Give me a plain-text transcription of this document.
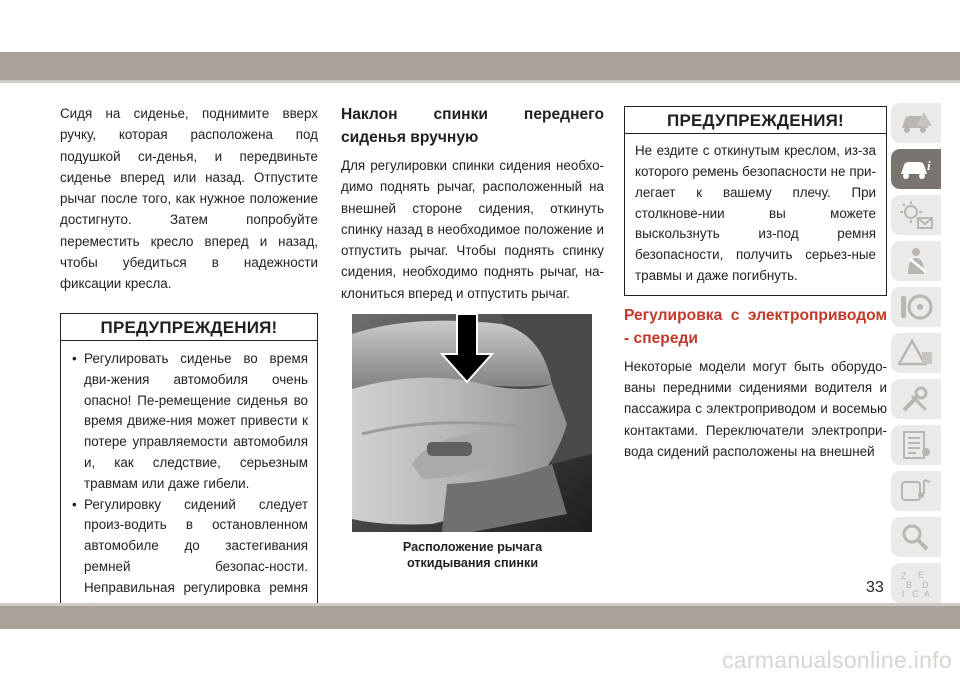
Сидя на сиденье, поднимите вверх ручку, которая расположена под подушкой си-денья, и передвиньте сиденье вперед или назад. Отпустите рычаг после того, как нужное положение достигнуто. Затем попробуйте переместить кресло вперед и назад, чтобы убедиться в надежности фиксации кресла.
ПРЕДУПРЕЖДЕНИЯ!
• Регулировать сиденье во время дви-жения автомобиля очень опасно! Пе-ремещение сиденья во время движе-ния может привести к потере управляемости автомобиля и, как следствие, серьезным травмам или даже гибели.
• Регулировку сидений следует произ-водить в остановленном автомобиле до застегивания ремней безопас-ности. Неправильная регулировка ремня
Наклон спинки переднего сиденья вручную
Для регулировки спинки сидения необхо-димо поднять рычаг, расположенный на внешней стороне сидения, откинуть спинку назад в необходимое положение и отпустить рычаг. Чтобы поднять спинку сидения, необходимо поднять рычаг, на-клониться вперед и отпустить рычаг.
Расположение рычага
откидывания спинки
ПРЕДУПРЕЖДЕНИЯ!

Не ездите с откинутым креслом, из-за которого ремень безопасности не при-легает к вашему плечу. При столкнове-нии вы можете выскользнуть из-под ремня безопасности, получить серьез-ные травмы и даже погибнуть.

Регулировка с электроприводом - спереди
Некоторые модели могут быть оборудо-ваны передними сидениями водителя и пассажира с электроприводом и восемью контактами. Переключатели электропри-вода сидений расположены на внешней
i
Z E
B D
I C A
33
carmanualsonline.info
